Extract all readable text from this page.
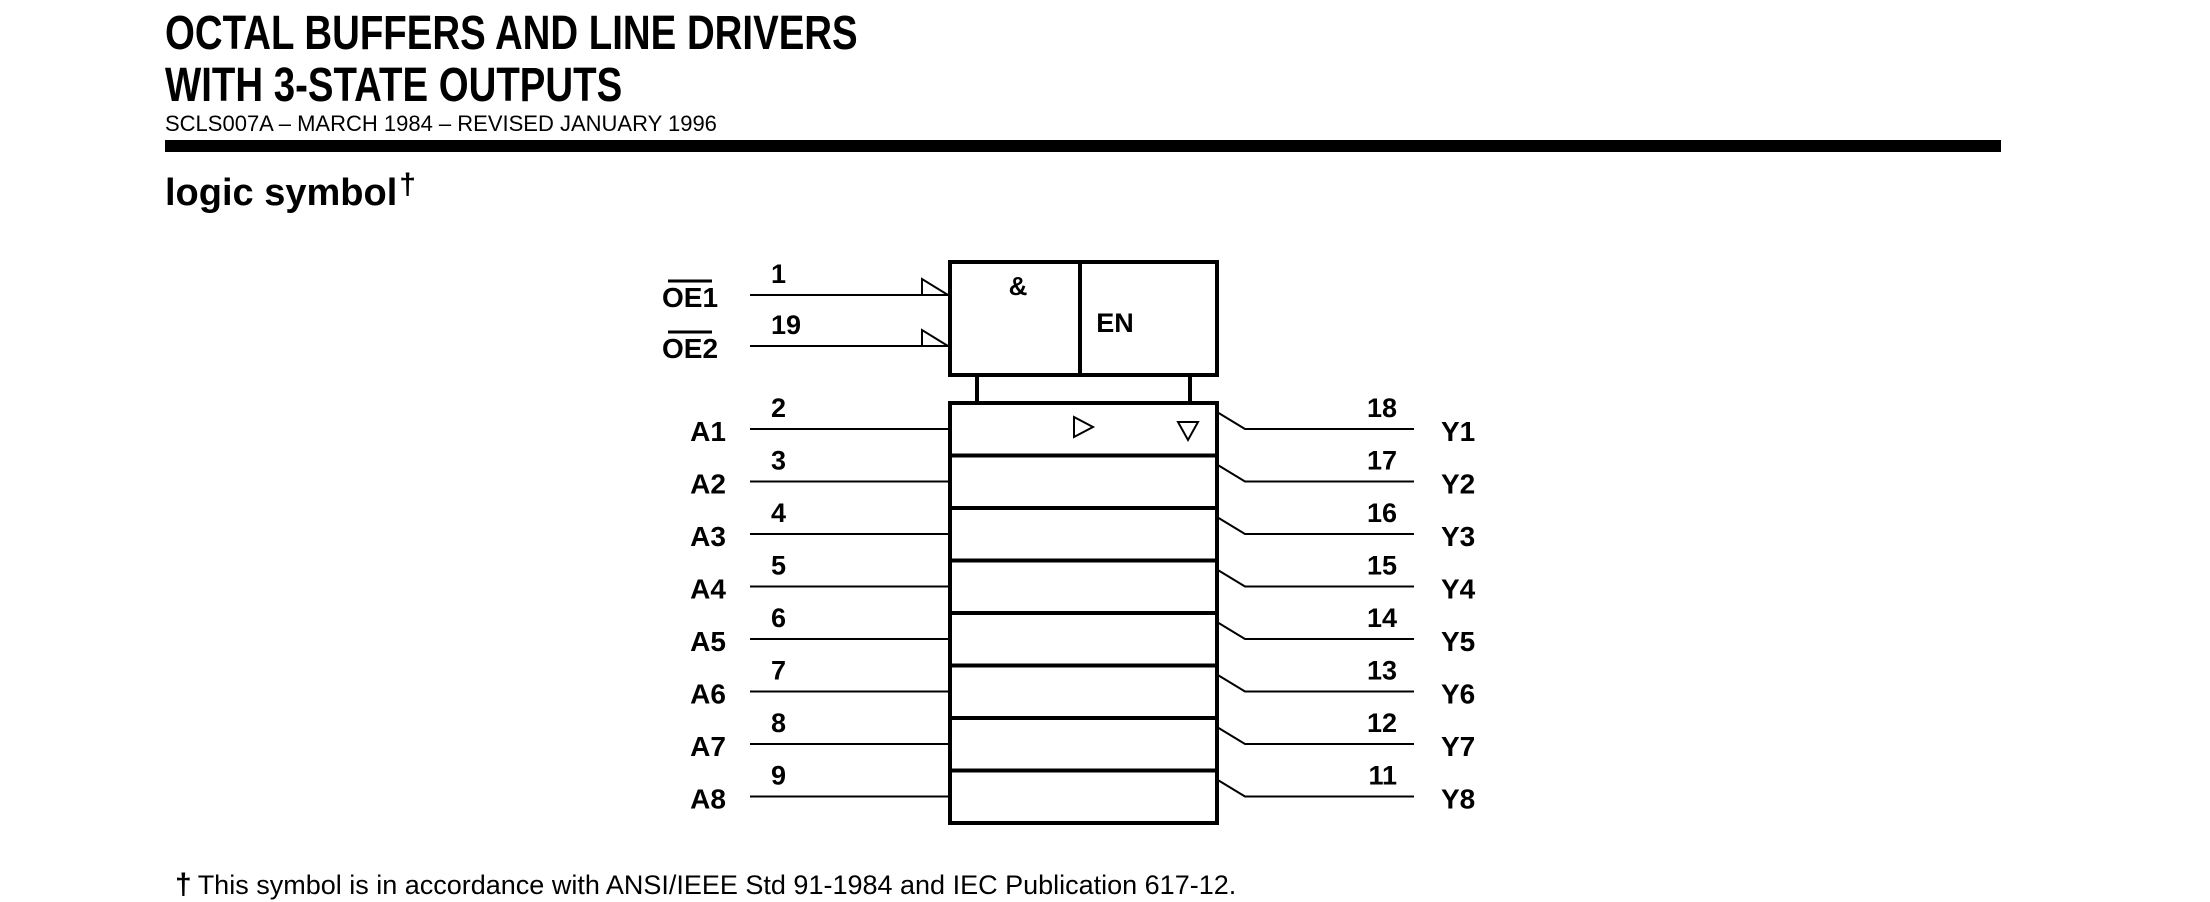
OCTAL BUFFERS AND LINE DRIVERS
WITH 3-STATE OUTPUTS
SCLS007A – MARCH 1984 – REVISED JANUARY 1996
logic symbol†
&
EN
OE1
1
OE2
19
A1
2	18
Y1
A2
3	17
Y2
A3
4	16
Y3
A4
5	15
Y4
A5
6	14
Y5
A6
7	13
Y6
A7
8	12
Y7
A8
9	11
Y8
† This symbol is in accordance with ANSI/IEEE Std 91-1984 and IEC Publication 617-12.
